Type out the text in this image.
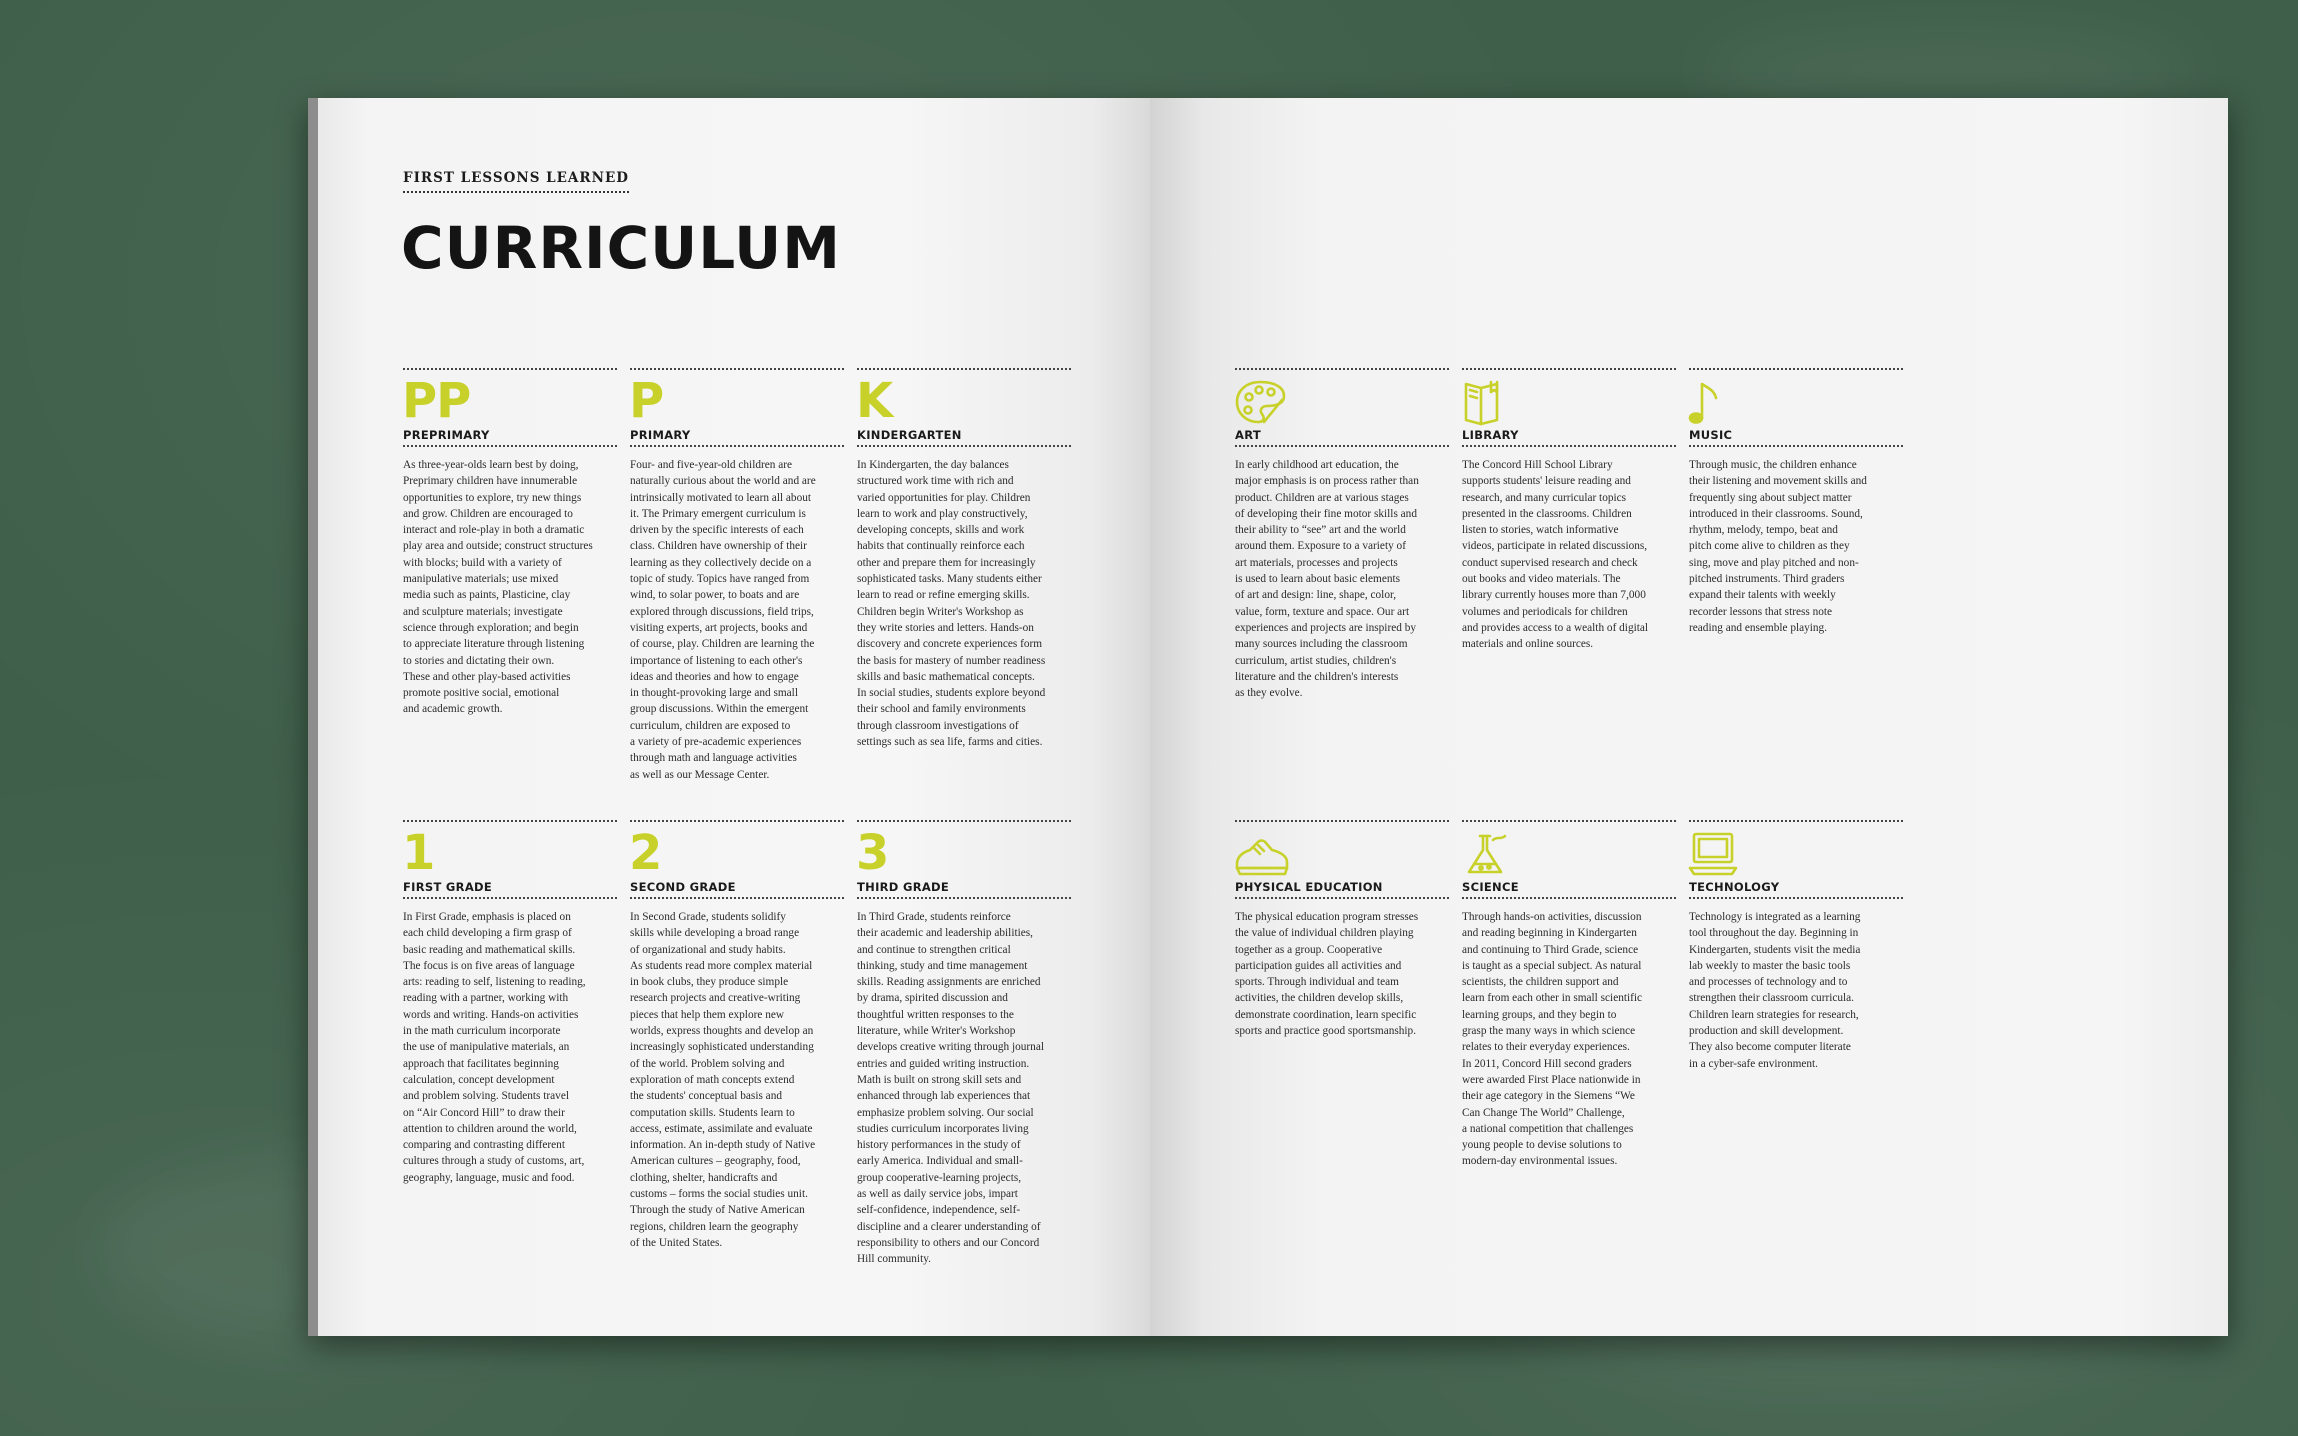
FIRST LESSONS LEARNED
CURRICULUM
PP
PREPRIMARY
As three-year-olds learn best by doing,
Preprimary children have innumerable
opportunities to explore, try new things
and grow. Children are encouraged to
interact and role-play in both a dramatic
play area and outside; construct structures
with blocks; build with a variety of
manipulative materials; use mixed
media such as paints, Plasticine, clay
and sculpture materials; investigate
science through exploration; and begin
to appreciate literature through listening
to stories and dictating their own.
These and other play-based activities
promote positive social, emotional
and academic growth.
P
PRIMARY
Four- and five-year-old children are
naturally curious about the world and are
intrinsically motivated to learn all about
it. The Primary emergent curriculum is
driven by the specific interests of each
class. Children have ownership of their
learning as they collectively decide on a
topic of study. Topics have ranged from
wind, to solar power, to boats and are
explored through discussions, field trips,
visiting experts, art projects, books and
of course, play. Children are learning the
importance of listening to each other's
ideas and theories and how to engage
in thought-provoking large and small
group discussions. Within the emergent
curriculum, children are exposed to
a variety of pre-academic experiences
through math and language activities
as well as our Message Center.
K
KINDERGARTEN
In Kindergarten, the day balances
structured work time with rich and
varied opportunities for play. Children
learn to work and play constructively,
developing concepts, skills and work
habits that continually reinforce each
other and prepare them for increasingly
sophisticated tasks. Many students either
learn to read or refine emerging skills.
Children begin Writer's Workshop as
they write stories and letters. Hands-on
discovery and concrete experiences form
the basis for mastery of number readiness
skills and basic mathematical concepts.
In social studies, students explore beyond
their school and family environments
through classroom investigations of
settings such as sea life, farms and cities.
1
FIRST GRADE
In First Grade, emphasis is placed on
each child developing a firm grasp of
basic reading and mathematical skills.
The focus is on five areas of language
arts: reading to self, listening to reading,
reading with a partner, working with
words and writing. Hands-on activities
in the math curriculum incorporate
the use of manipulative materials, an
approach that facilitates beginning
calculation, concept development
and problem solving. Students travel
on “Air Concord Hill” to draw their
attention to children around the world,
comparing and contrasting different
cultures through a study of customs, art,
geography, language, music and food.
2
SECOND GRADE
In Second Grade, students solidify
skills while developing a broad range
of organizational and study habits.
As students read more complex material
in book clubs, they produce simple
research projects and creative-writing
pieces that help them explore new
worlds, express thoughts and develop an
increasingly sophisticated understanding
of the world. Problem solving and
exploration of math concepts extend
the students' conceptual basis and
computation skills. Students learn to
access, estimate, assimilate and evaluate
information. An in-depth study of Native
American cultures – geography, food,
clothing, shelter, handicrafts and
customs – forms the social studies unit.
Through the study of Native American
regions, children learn the geography
of the United States.
3
THIRD GRADE
In Third Grade, students reinforce
their academic and leadership abilities,
and continue to strengthen critical
thinking, study and time management
skills. Reading assignments are enriched
by drama, spirited discussion and
thoughtful written responses to the
literature, while Writer's Workshop
develops creative writing through journal
entries and guided writing instruction.
Math is built on strong skill sets and
enhanced through lab experiences that
emphasize problem solving. Our social
studies curriculum incorporates living
history performances in the study of
early America. Individual and small-
group cooperative-learning projects,
as well as daily service jobs, impart
self-confidence, independence, self-
discipline and a clearer understanding of
responsibility to others and our Concord
Hill community.
ART
In early childhood art education, the
major emphasis is on process rather than
product. Children are at various stages
of developing their fine motor skills and
their ability to “see” art and the world
around them. Exposure to a variety of
art materials, processes and projects
is used to learn about basic elements
of art and design: line, shape, color,
value, form, texture and space. Our art
experiences and projects are inspired by
many sources including the classroom
curriculum, artist studies, children's
literature and the children's interests
as they evolve.
LIBRARY
The Concord Hill School Library
supports students' leisure reading and
research, and many curricular topics
presented in the classrooms. Children
listen to stories, watch informative
videos, participate in related discussions,
conduct supervised research and check
out books and video materials. The
library currently houses more than 7,000
volumes and periodicals for children
and provides access to a wealth of digital
materials and online sources.
MUSIC
Through music, the children enhance
their listening and movement skills and
frequently sing about subject matter
introduced in their classrooms. Sound,
rhythm, melody, tempo, beat and
pitch come alive to children as they
sing, move and play pitched and non-
pitched instruments. Third graders
expand their talents with weekly
recorder lessons that stress note
reading and ensemble playing.
PHYSICAL EDUCATION
The physical education program stresses
the value of individual children playing
together as a group. Cooperative
participation guides all activities and
sports. Through individual and team
activities, the children develop skills,
demonstrate coordination, learn specific
sports and practice good sportsmanship.
SCIENCE
Through hands-on activities, discussion
and reading beginning in Kindergarten
and continuing to Third Grade, science
is taught as a special subject. As natural
scientists, the children support and
learn from each other in small scientific
learning groups, and they begin to
grasp the many ways in which science
relates to their everyday experiences.
In 2011, Concord Hill second graders
were awarded First Place nationwide in
their age category in the Siemens “We
Can Change The World” Challenge,
a national competition that challenges
young people to devise solutions to
modern-day environmental issues.
TECHNOLOGY
Technology is integrated as a learning
tool throughout the day. Beginning in
Kindergarten, students visit the media
lab weekly to master the basic tools
and processes of technology and to
strengthen their classroom curricula.
Children learn strategies for research,
production and skill development.
They also become computer literate
in a cyber-safe environment.
